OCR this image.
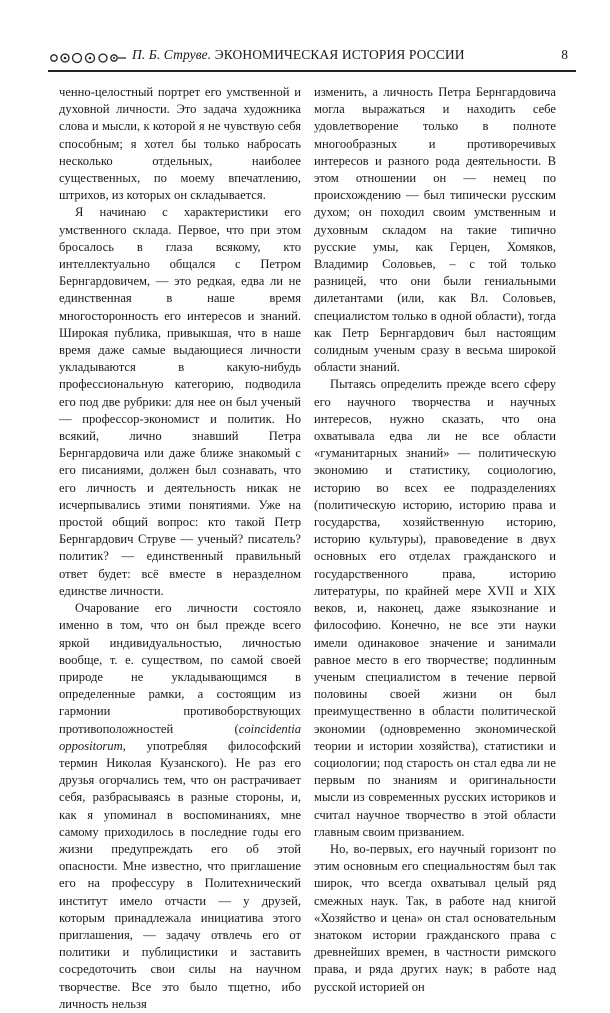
П. Б. Струве. ЭКОНОМИЧЕСКАЯ ИСТОРИЯ РОССИИ	8

ченно-целостный портрет его умственной и духовной личности. Это задача художника слова и мысли, к которой я не чувствую себя способным; я хотел бы только набросать несколько отдельных, наиболее существенных, по моему впечатлению, штрихов, из которых он складывается.

Я начинаю с характеристики его умственного склада. Первое, что при этом бросалось в глаза всякому, кто интеллектуально общался с Петром Бернгардовичем, — это редкая, едва ли не единственная в наше время многосторонность его интересов и знаний. Широкая публика, привыкшая, что в наше время даже самые выдающиеся личности укладываются в какую-нибудь профессиональную категорию, подводила его под две рубрики: для нее он был ученый — профессор-экономист и политик. Но всякий, лично знавший Петра Бернгардовича или даже ближе знакомый с его писаниями, должен был сознавать, что его личность и деятельность никак не исчерпывались этими понятиями. Уже на простой общий вопрос: кто такой Петр Бернгардович Струве — ученый? писатель? политик? — единственный правильный ответ будет: всё вместе в неразделном единстве личности.

Очарование его личности состояло именно в том, что он был прежде всего яркой индивидуальностью, личностью вообще, т. е. существом, по самой своей природе не укладывающимся в определенные рамки, а состоящим из гармонии противоборствующих противоположностей (coincidentia oppositorum, употребляя философский термин Николая Кузанского). Не раз его друзья огорчались тем, что он растрачивает себя, разбрасываясь в разные стороны, и, как я упоминал в воспоминаниях, мне самому приходилось в последние годы его жизни предупреждать его об этой опасности. Мне известно, что приглашение его на профессуру в Политехнический институт имело отчасти — у друзей, которым принадлежала инициатива этого приглашения, — задачу отвлечь его от политики и публицистики и заставить сосредоточить свои силы на научном творчестве. Все это было тщетно, ибо личность нельзя

изменить, а личность Петра Бернгардовича могла выражаться и находить себе удовлетворение только в полноте многообразных и противоречивых интересов и разного рода деятельности. В этом отношении он — немец по происхождению — был типически русским духом; он походил своим умственным и духовным складом на такие типично русские умы, как Герцен, Хомяков, Владимир Соловьев, – с той только разницей, что они были гениальными дилетантами (или, как Вл. Соловьев, специалистом только в одной области), тогда как Петр Бернгардович был настоящим солидным ученым сразу в весьма широкой области знаний.

Пытаясь определить прежде всего сферу его научного творчества и научных интересов, нужно сказать, что она охватывала едва ли не все области «гуманитарных знаний» — политическую экономию и статистику, социологию, историю во всех ее подразделениях (политическую историю, историю права и государства, хозяйственную историю, историю культуры), правоведение в двух основных его отделах гражданского и государственного права, историю литературы, по крайней мере XVII и XIX веков, и, наконец, даже языкознание и философию. Конечно, не все эти науки имели одинаковое значение и занимали равное место в его творчестве; подлинным ученым специалистом в течение первой половины своей жизни он был преимущественно в области политической экономии (одновременно экономической теории и истории хозяйства), статистики и социологии; под старость он стал едва ли не первым по знаниям и оригинальности мысли из современных русских историков и считал научное творчество в этой области главным своим призванием.

Но, во-первых, его научный горизонт по этим основным его специальностям был так широк, что всегда охватывал целый ряд смежных наук. Так, в работе над книгой «Хозяйство и цена» он стал основательным знатоком истории гражданского права с древнейших времен, в частности римского права, и ряда других наук; в работе над русской историей он
